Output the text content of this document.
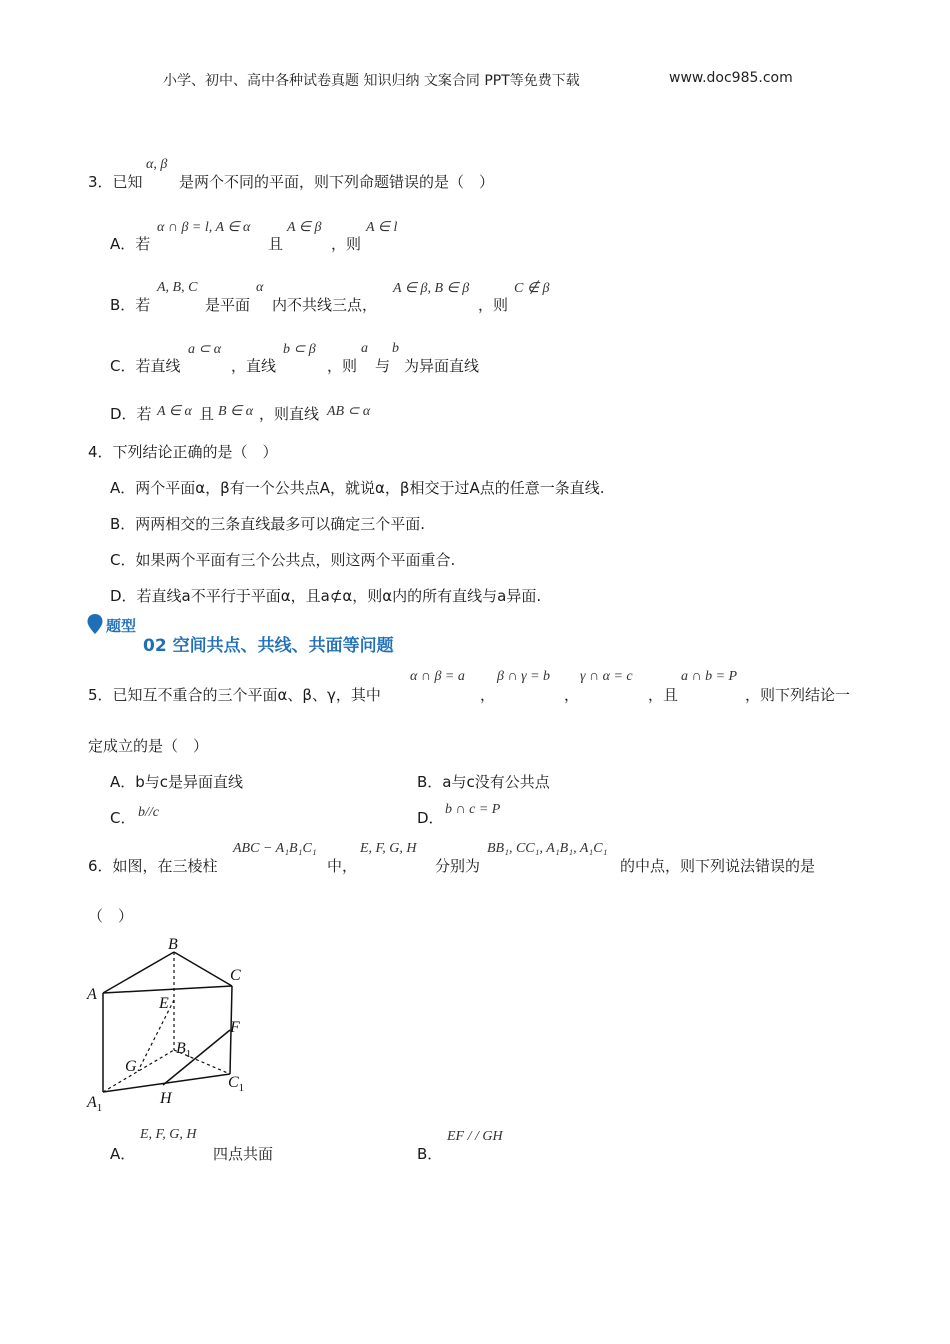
小学、初中、高中各种试卷真题 知识归纳 文案合同 PPT等免费下载	www.doc985.com
3．已知
α, β
是两个不同的平面，则下列命题错误的是（　）
A．若
α ∩ β = l, A ∈ α
且
A ∈ β
，则
A ∈ l
B．若
A, B, C
是平面
α
内不共线三点，
A ∈ β, B ∈ β
，则
C ∉ β
C．若直线
a ⊂ α
，直线
b ⊂ β
，则
a
与
b
为异面直线
D．若 A ∈ α 且 B ∈ α ，则直线 AB ⊂ α
4．下列结论正确的是（　）
A．两个平面α，β有一个公共点A，就说α，β相交于过A点的任意一条直线.
B．两两相交的三条直线最多可以确定三个平面.
C．如果两个平面有三个公共点，则这两个平面重合.
D．若直线a不平行于平面α，且a⊄α，则α内的所有直线与a异面.
题型
02 空间共点、共线、共面等问题
5．已知互不重合的三个平面α、β、γ，其中
α ∩ β = a
，
β ∩ γ = b
，
γ ∩ α = c
，且
a ∩ b = P
，则下列结论一
定成立的是（　）
A．b与c是异面直线	B．a与c没有公共点
C． b//c	D． b ∩ c = P
6．如图，在三棱柱
ABC − A₁B₁C₁
中，
E, F, G, H
分别为
BB₁, CC₁, A₁B₁, A₁C₁
的中点，则下列说法错误的是
（　）
B
C
A
E
F
$B_1$
G
$C_1$
$A_1$
H
A．
E, F, G, H
四点共面	B．
EF / / GH
